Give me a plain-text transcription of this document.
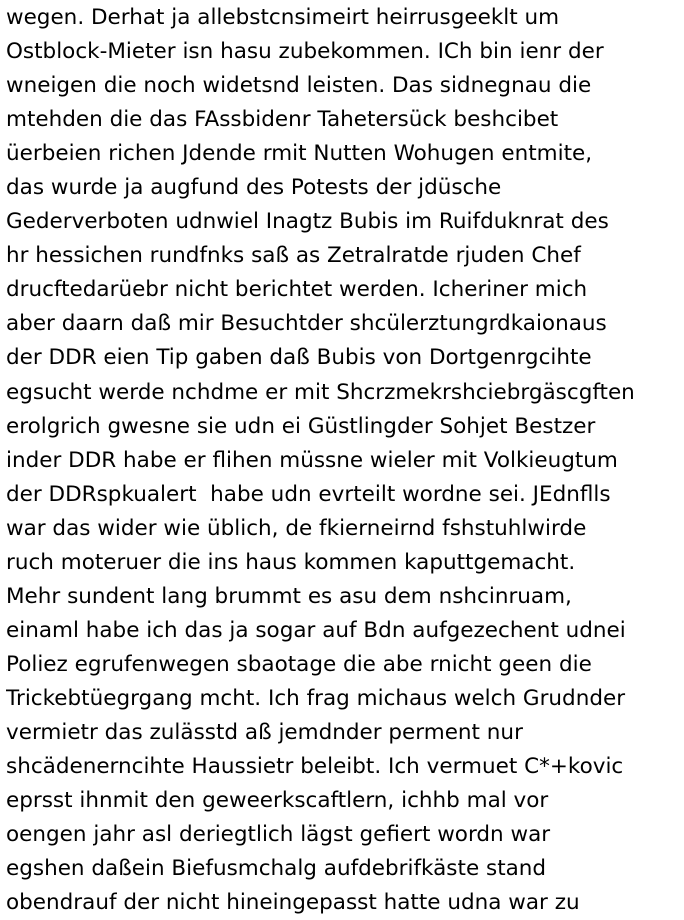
wegen. Derhat ja allebstcnsimeirt heirrusgeeklt um
Ostblock-Mieter isn hasu zubekommen. ICh bin ienr der
wneigen die noch widetsnd leisten. Das sidnegnau die
mtehden die das FAssbidenr Tahetersück beshcibet
üerbeien richen Jdende rmit Nutten Wohugen entmite,
das wurde ja augfund des Potests der jdüsche
Gederverboten udnwiel Inagtz Bubis im Ruifduknrat des
hr hessichen rundfnks saß as Zetralratde rjuden Chef
drucftedarüebr nicht berichtet werden. Icheriner mich
aber daarn daß mir Besuchtder shcülerztungrdkaionaus
der DDR eien Tip gaben daß Bubis von Dortgenrgcihte
egsucht werde nchdme er mit Shcrzmekrshciebrgäscgften
erolgrich gwesne sie udn ei Güstlingder Sohjet Bestzer
inder DDR habe er flihen müssne wieler mit Volkieugtum
der DDRspkualert  habe udn evrteilt wordne sei. JEdnflls
war das wider wie üblich, de fkierneirnd fshstuhlwirde
ruch moteruer die ins haus kommen kaputtgemacht.
Mehr sundent lang brummt es asu dem nshcinruam,
einaml habe ich das ja sogar auf Bdn aufgezechent udnei
Poliez egrufenwegen sbaotage die abe rnicht geen die
Trickebtüegrgang mcht. Ich frag michaus welch Grudnder
vermietr das zulässtd aß jemdnder perment nur
shcädenerncihte Haussietr beleibt. Ich vermuet C*+kovic
eprsst ihnmit den geweerkscaftlern, ichhb mal vor
oengen jahr asl deriegtlich lägst gefiert wordn war
egshen daßein Biefusmchalg aufdebrifkäste stand
obendrauf der nicht hineingepasst hatte udna war zu
